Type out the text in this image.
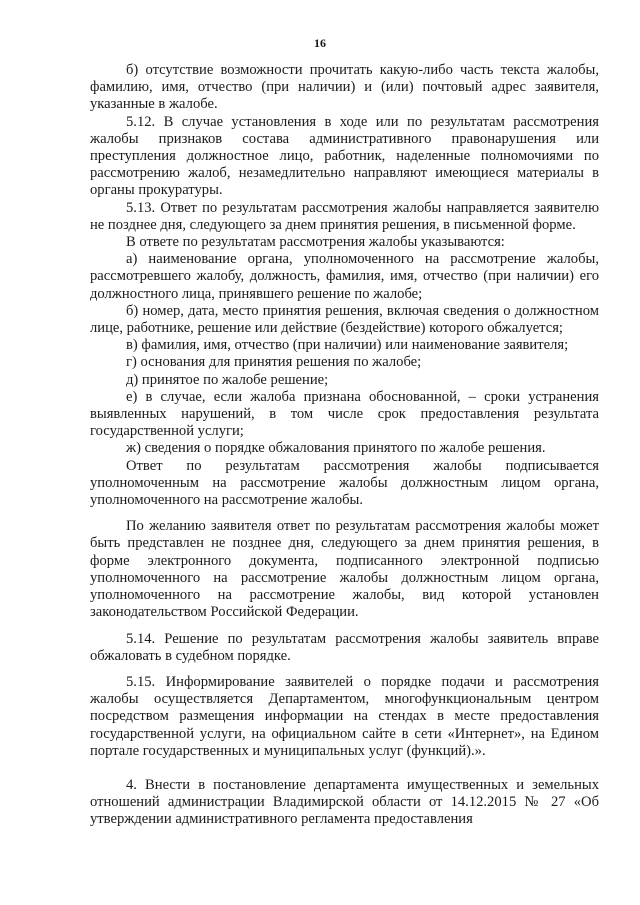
16

б) отсутствие возможности прочитать какую-либо часть текста жалобы, фамилию, имя, отчество (при наличии) и (или) почтовый адрес заявителя, указанные в жалобе.

5.12. В случае установления в ходе или по результатам рассмотрения жалобы признаков состава административного правонарушения или преступления должностное лицо, работник, наделенные полномочиями по рассмотрению жалоб, незамедлительно направляют имеющиеся материалы в органы прокуратуры.

5.13. Ответ по результатам рассмотрения жалобы направляется заявителю не позднее дня, следующего за днем принятия решения, в письменной форме.

В ответе по результатам рассмотрения жалобы указываются:

а) наименование органа, уполномоченного на рассмотрение жалобы, рассмотревшего жалобу, должность, фамилия, имя, отчество (при наличии) его должностного лица, принявшего решение по жалобе;

б) номер, дата, место принятия решения, включая сведения о должностном лице, работнике, решение или действие (бездействие) которого обжалуется;

в) фамилия, имя, отчество (при наличии) или наименование заявителя;

г) основания для принятия решения по жалобе;

д) принятое по жалобе решение;

е) в случае, если жалоба признана обоснованной, – сроки устранения выявленных нарушений, в том числе срок предоставления результата государственной услуги;

ж) сведения о порядке обжалования принятого по жалобе решения.

Ответ по результатам рассмотрения жалобы подписывается уполномоченным на рассмотрение жалобы должностным лицом органа, уполномоченного на рассмотрение жалобы.

По желанию заявителя ответ по результатам рассмотрения жалобы может быть представлен не позднее дня, следующего за днем принятия решения, в форме электронного документа, подписанного электронной подписью уполномоченного на рассмотрение жалобы должностным лицом органа, уполномоченного на рассмотрение жалобы, вид которой установлен законодательством Российской Федерации.

5.14. Решение по результатам рассмотрения жалобы заявитель вправе обжаловать в судебном порядке.

5.15. Информирование заявителей о порядке подачи и рассмотрения жалобы осуществляется Департаментом, многофункциональным центром посредством размещения информации на стендах в месте предоставления государственной услуги, на официальном сайте в сети «Интернет», на Едином портале государственных и муниципальных услуг (функций).».

4. Внести в постановление департамента имущественных и земельных отношений администрации Владимирской области от 14.12.2015 № 27 «Об утверждении административного регламента предоставления
